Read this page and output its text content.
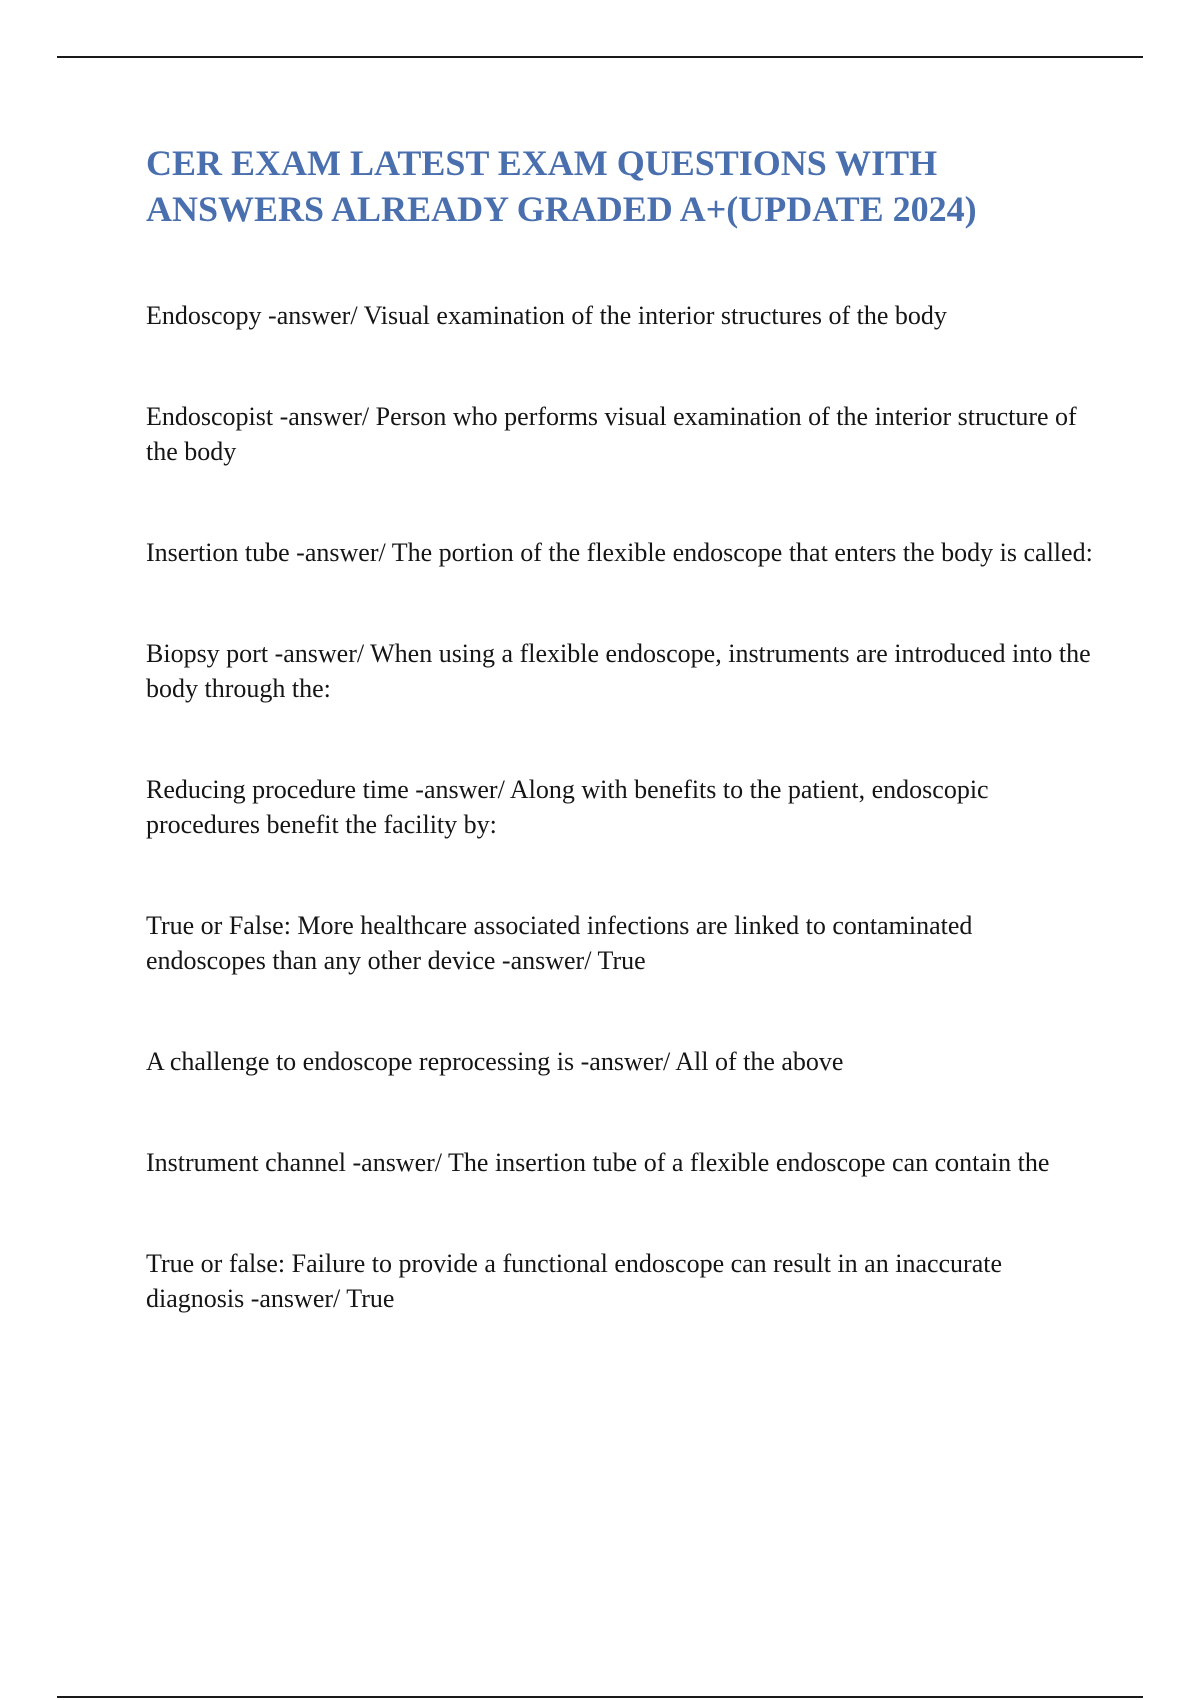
CER EXAM LATEST EXAM QUESTIONS WITH ANSWERS ALREADY GRADED A+(UPDATE 2024)
Endoscopy -answer/ Visual examination of the interior structures of the body
Endoscopist -answer/ Person who performs visual examination of the interior structure of the body
Insertion tube -answer/ The portion of the flexible endoscope that enters the body is called:
Biopsy port -answer/ When using a flexible endoscope, instruments are introduced into the body through the:
Reducing procedure time -answer/ Along with benefits to the patient, endoscopic procedures benefit the facility by:
True or False: More healthcare associated infections are linked to contaminated endoscopes than any other device -answer/ True
A challenge to endoscope reprocessing is -answer/ All of the above
Instrument channel -answer/ The insertion tube of a flexible endoscope can contain the
True or false: Failure to provide a functional endoscope can result in an inaccurate diagnosis -answer/ True
